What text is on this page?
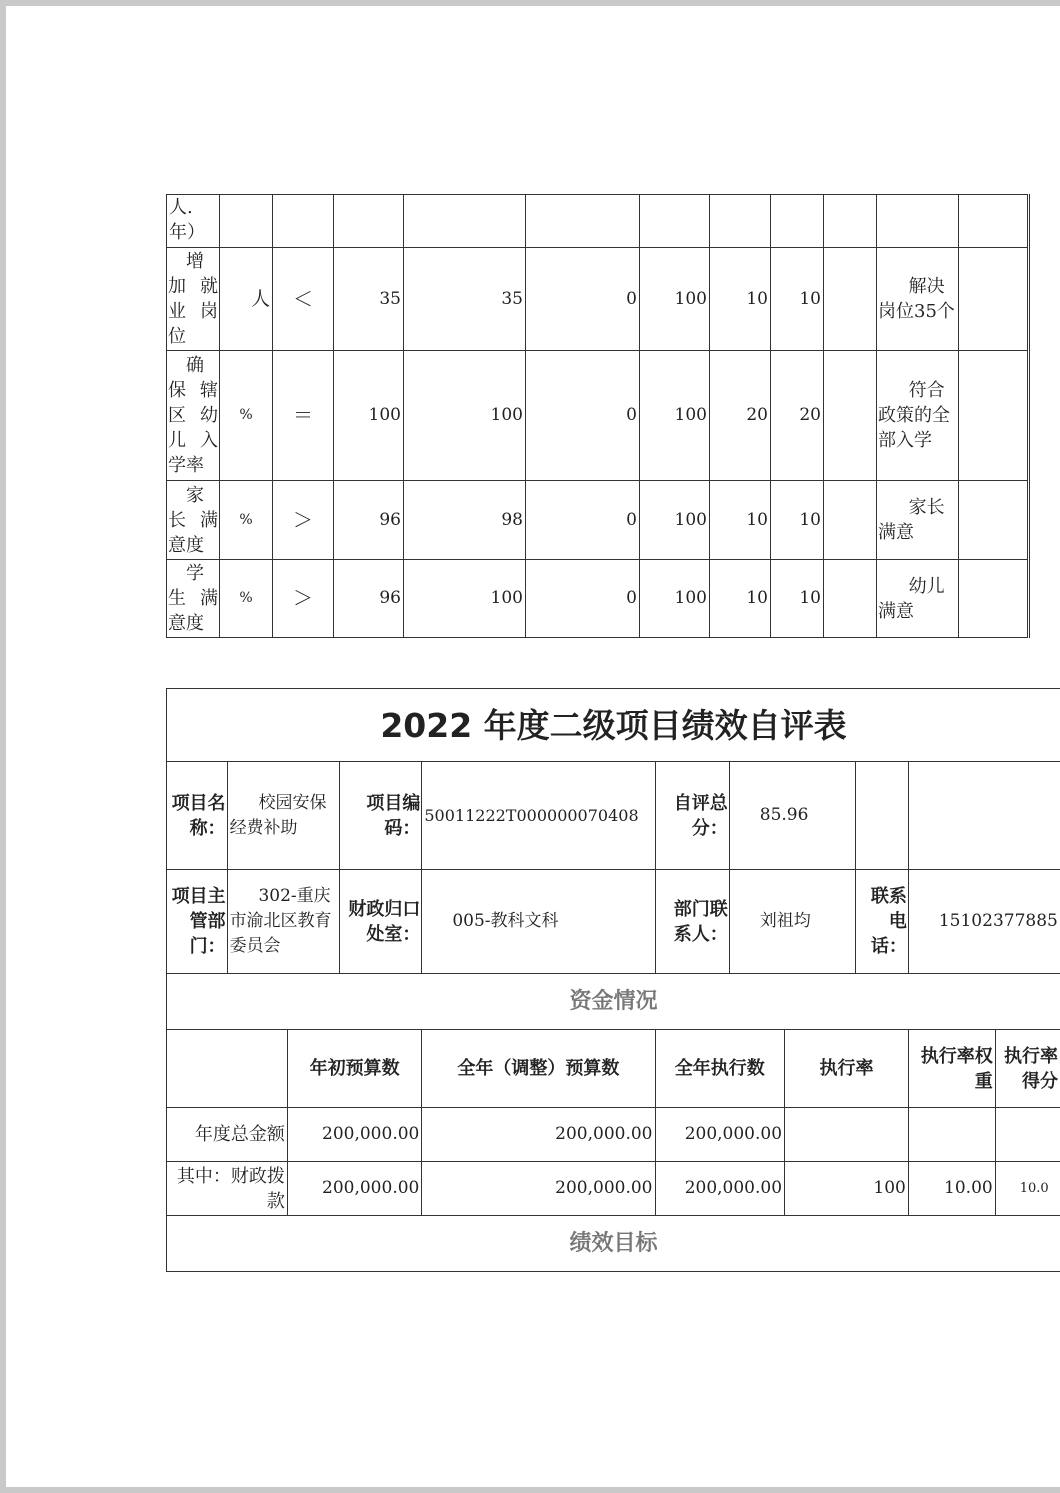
人.年）											
增加就业岗位	人	＜	35	35	0	100	10	10		解决岗位35个	
确保辖区幼儿入学率	%	＝	100	100	0	100	20	20		符合政策的全部入学	
家长满意度	%	＞	96	98	0	100	10	10		家长满意	
学生满意度	%	＞	96	100	0	100	10	10		幼儿满意	
2022 年度二级项目绩效自评表										
项目名称：	校园安保经费补助		项目编码：	50011222T000000070408	自评总分：	85.96				
项目主管部门：	302-重庆市渝北区教育委员会		财政归口处室：	005-教科文科	部门联系人：	刘祖均		联系电话：	15102377885	
资金情况										
		年初预算数		全年（调整）预算数	全年执行数		执行率		执行率权重	执行率得分
年度总金额		200,000.00		200,000.00	200,000.00					
其中：财政拨款		200,000.00		200,000.00	200,000.00		100		10.00	10.0
绩效目标										
